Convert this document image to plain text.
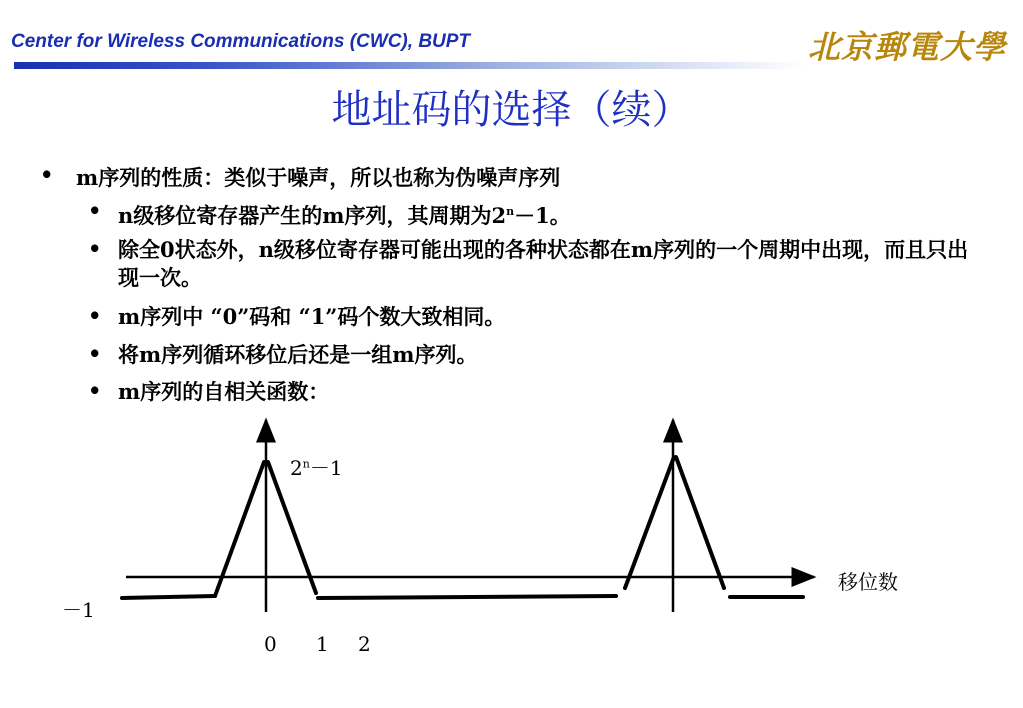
Center for Wireless Communications (CWC), BUPT	北京郵電大學
地址码的选择（续）
• m序列的性质：类似于噪声，所以也称为伪噪声序列
• n级移位寄存器产生的m序列，其周期为$2^n-1$。
• 除全0状态外，n级移位寄存器可能出现的各种状态都在m序列的一个周期中出现，而且只出现一次。
• m序列中 “0”码和 “1”码个数大致相同。
• 将m序列循环移位后还是一组m序列。
• m序列的自相关函数：
$2^n-1$
－1
移位数
0 1 2
